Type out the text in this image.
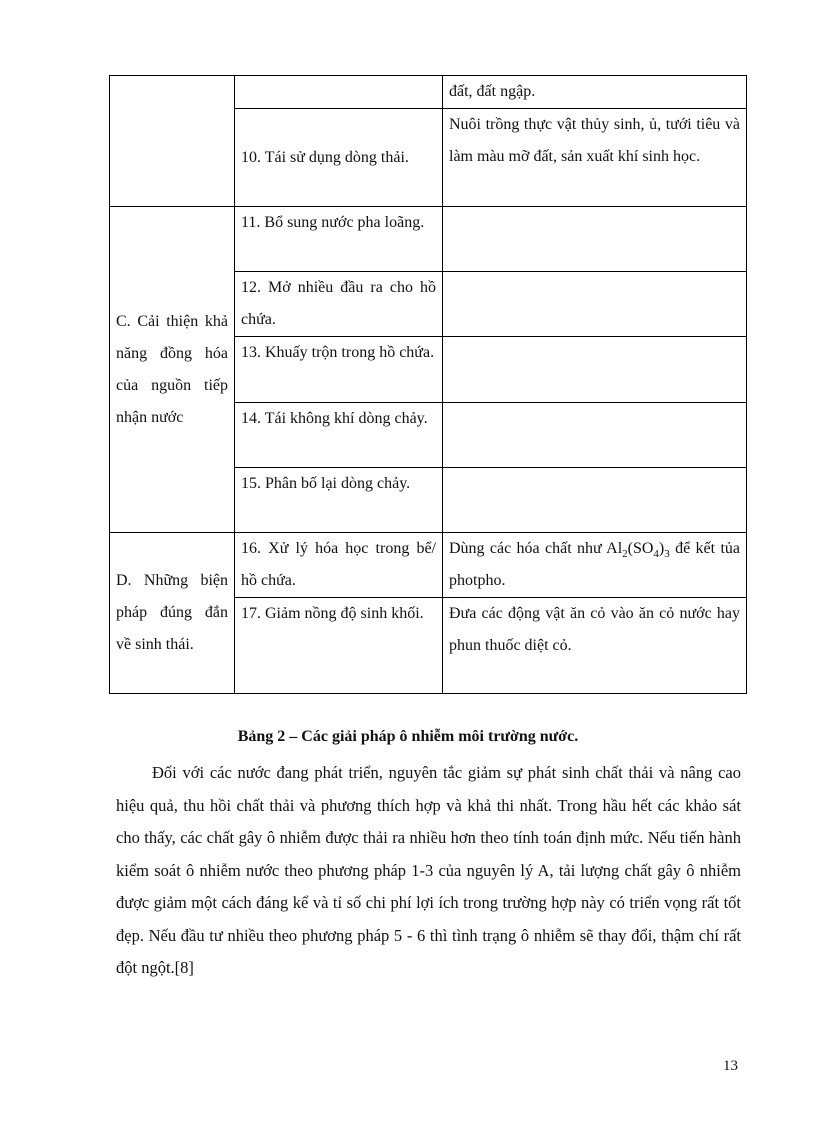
		đất, đất ngập.
	10. Tái sử dụng dòng thải.	Nuôi trồng thực vật thủy sinh, ủ, tưới tiêu và làm màu mỡ đất, sản xuất khí sinh học.
C. Cải thiện khả năng đồng hóa của nguồn tiếp nhận nước	11. Bổ sung nước pha loãng.	
	12. Mở nhiều đầu ra cho hồ chứa.	
	13. Khuấy trộn trong hồ chứa.	
	14. Tái không khí dòng chảy.	
	15. Phân bố lại dòng chảy.	
D. Những biện pháp đúng đắn về sinh thái.	16. Xử lý hóa học trong bể/ hồ chứa.	Dùng các hóa chất như $Al_2(SO_4)_3$ để kết tủa photpho.
	17. Giảm nồng độ sinh khối.	Đưa các động vật ăn cỏ vào ăn cỏ nước hay phun thuốc diệt cỏ.
Bảng 2 – Các giải pháp ô nhiễm môi trường nước.

Đối với các nước đang phát triển, nguyên tắc giảm sự phát sinh chất thải và nâng cao hiệu quả, thu hồi chất thải và phương thích hợp và khả thi nhất. Trong hầu hết các khảo sát cho thấy, các chất gây ô nhiễm được thải ra nhiều hơn theo tính toán định mức. Nếu tiến hành kiểm soát ô nhiễm nước theo phương pháp 1-3 của nguyên lý A, tải lượng chất gây ô nhiễm được giảm một cách đáng kể và tỉ số chi phí lợi ích trong trường hợp này có triển vọng rất tốt đẹp. Nếu đầu tư nhiều theo phương pháp 5 - 6 thì tình trạng ô nhiễm sẽ thay đổi, thậm chí rất đột ngột.[8]

13
